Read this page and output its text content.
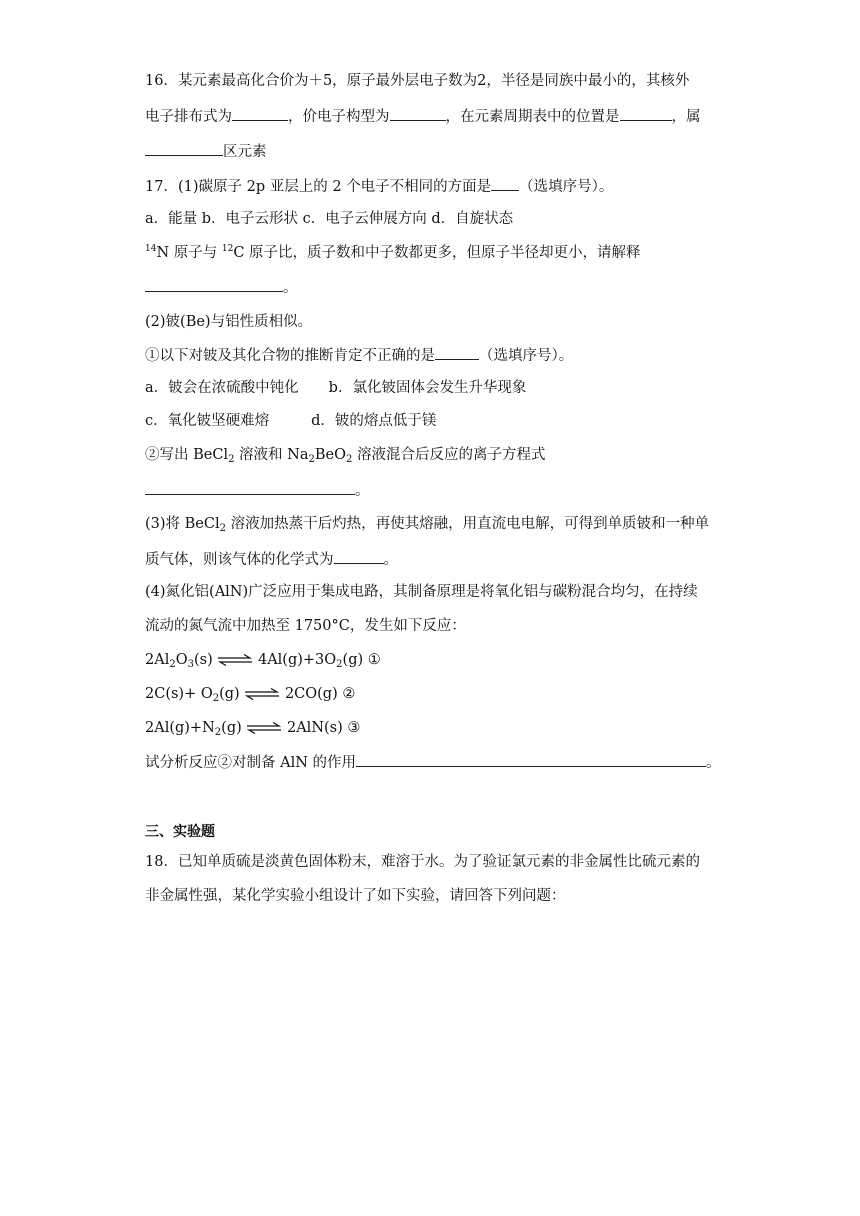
16．某元素最高化合价为＋5，原子最外层电子数为2，半径是同族中最小的，其核外
电子排布式为	，价电子构型为	，在元素周期表中的位置是	，属
区元素
17．(1)碳原子 2p 亚层上的 2 个电子不相同的方面是 （选填序号）。
a．能量 b．电子云形状 c．电子云伸展方向 d．自旋状态
$^{14}$N 原子与 $^{12}$C 原子比，质子数和中子数都更多，但原子半径却更小，请解释
。
(2)铍(Be)与铝性质相似。
①以下对铍及其化合物的推断肯定不正确的是	（选填序号）。
a．铍会在浓硫酸中钝化 b．氯化铍固体会发生升华现象
c．氧化铍坚硬难熔	d．铍的熔点低于镁
②写出 BeCl$_2$ 溶液和 $Na_2BeO_2$ 溶液混合后反应的离子方程式
。
(3)将 BeCl$_2$ 溶液加热蒸干后灼热，再使其熔融，用直流电电解，可得到单质铍和一种单
质气体，则该气体的化学式为	。
(4)氮化铝(AlN)广泛应用于集成电路，其制备原理是将氧化铝与碳粉混合均匀，在持续
流动的氮气流中加热至 1750°C，发生如下反应：
$2Al_2O_3(s)$ ⇌ $4Al(g)+3O_2(g)$ ①
$2C(s)+ O_2(g)$ ⇌ 2CO(g) ②
$2Al(g)+N_2(g)$ ⇌ 2AlN(s) ③
试分析反应②对制备 AlN 的作用	。
三、实验题
18．已知单质硫是淡黄色固体粉末，难溶于水。为了验证氯元素的非金属性比硫元素的
非金属性强，某化学实验小组设计了如下实验，请回答下列问题：
